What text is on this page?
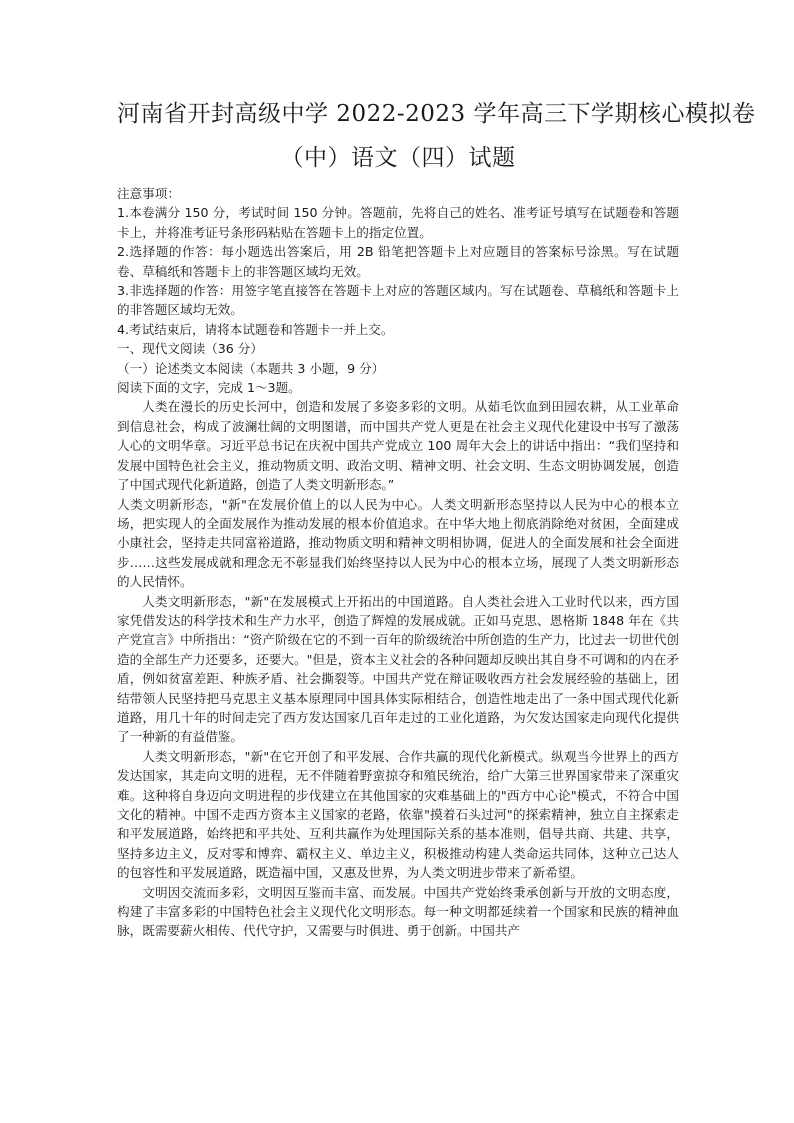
河南省开封高级中学 2022-2023 学年高三下学期核心模拟卷
（中）语文（四）试题

注意事项：

1.本卷满分 150 分，考试时间 150 分钟。答题前，先将自己的姓名、准考证号填写在试题卷和答题卡上，并将准考证号条形码粘贴在答题卡上的指定位置。

2.选择题的作答：每小题选出答案后，用 2B 铅笔把答题卡上对应题目的答案标号涂黑。写在试题卷、草稿纸和答题卡上的非答题区域均无效。

3.非选择题的作答：用签字笔直接答在答题卡上对应的答题区域内。写在试题卷、草稿纸和答题卡上的非答题区域均无效。

4.考试结束后，请将本试题卷和答题卡一并上交。

一、现代文阅读（36 分）

（一）论述类文本阅读（本题共 3 小题，9 分）

阅读下面的文字，完成 1～3题。

人类在漫长的历史长河中，创造和发展了多姿多彩的文明。从茹毛饮血到田园农耕，从工业革命到信息社会，构成了波澜壮阔的文明图谱，而中国共产党人更是在社会主义现代化建设中书写了激荡人心的文明华章。习近平总书记在庆祝中国共产党成立 100 周年大会上的讲话中指出：“我们坚持和发展中国特色社会主义，推动物质文明、政治文明、精神文明、社会文明、生态文明协调发展，创造了中国式现代化新道路，创造了人类文明新形态。”

人类文明新形态，"新"在发展价值上的以人民为中心。人类文明新形态坚持以人民为中心的根本立场，把实现人的全面发展作为推动发展的根本价值追求。在中华大地上彻底消除绝对贫困，全面建成小康社会，坚持走共同富裕道路，推动物质文明和精神文明相协调，促进人的全面发展和社会全面进步……这些发展成就和理念无不彰显我们始终坚持以人民为中心的根本立场，展现了人类文明新形态的人民情怀。

人类文明新形态，"新"在发展模式上开拓出的中国道路。自人类社会进入工业时代以来，西方国家凭借发达的科学技术和生产力水平，创造了辉煌的发展成就。正如马克思、恩格斯 1848 年在《共产党宣言》中所指出：“资产阶级在它的不到一百年的阶级统治中所创造的生产力，比过去一切世代创造的全部生产力还要多，还要大。"但是，资本主义社会的各种问题却反映出其自身不可调和的内在矛盾，例如贫富差距、种族矛盾、社会撕裂等。中国共产党在辩证吸收西方社会发展经验的基础上，团结带领人民坚持把马克思主义基本原理同中国具体实际相结合，创造性地走出了一条中国式现代化新道路，用几十年的时间走完了西方发达国家几百年走过的工业化道路，为欠发达国家走向现代化提供了一种新的有益借鉴。

人类文明新形态，"新"在它开创了和平发展、合作共赢的现代化新模式。纵观当今世界上的西方发达国家，其走向文明的进程，无不伴随着野蛮掠夺和殖民统治，给广大第三世界国家带来了深重灾难。这种将自身迈向文明进程的步伐建立在其他国家的灾难基础上的"西方中心论"模式，不符合中国文化的精神。中国不走西方资本主义国家的老路，依靠"摸着石头过河"的探索精神，独立自主探索走和平发展道路，始终把和平共处、互利共赢作为处理国际关系的基本准则，倡导共商、共建、共享，坚持多边主义，反对零和博弈、霸权主义、单边主义，积极推动构建人类命运共同体，这种立己达人的包容性和平发展道路，既造福中国，又惠及世界，为人类文明进步带来了新希望。

文明因交流而多彩，文明因互鉴而丰富、而发展。中国共产党始终秉承创新与开放的文明态度，构建了丰富多彩的中国特色社会主义现代化文明形态。每一种文明都延续着一个国家和民族的精神血脉，既需要薪火相传、代代守护，又需要与时俱进、勇于创新。中国共产
